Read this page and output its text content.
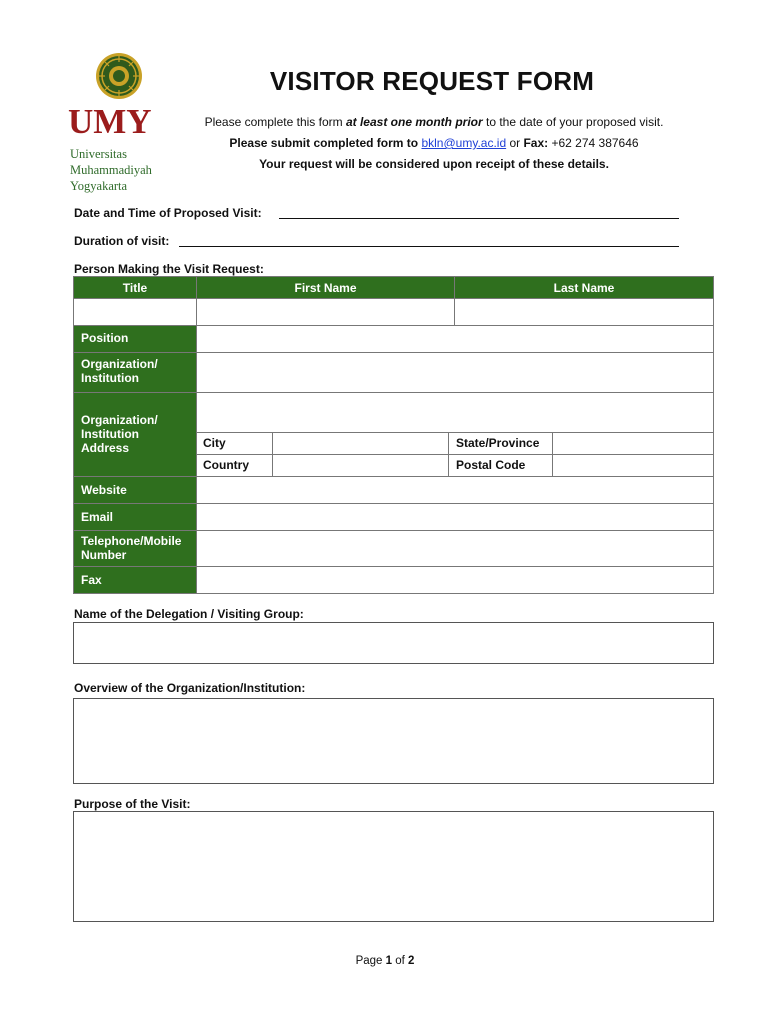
UMY
Universitas
Muhammadiyah
Yogyakarta
VISITOR REQUEST FORM
Please complete this form at least one month prior to the date of your proposed visit.
Please submit completed form to bkln@umy.ac.id or Fax: +62 274 387646
Your request will be considered upon receipt of these details.
Date and Time of Proposed Visit:
Duration of visit:
Person Making the Visit Request:
Title	First Name	Last Name
Position
Organization/ Institution
Organization/ Institution Address	City	State/Province
Country	Postal Code
Website
Email
Telephone/Mobile Number
Fax
Name of the Delegation / Visiting Group:
Overview of the Organization/Institution:
Purpose of the Visit:
Page 1 of 2
